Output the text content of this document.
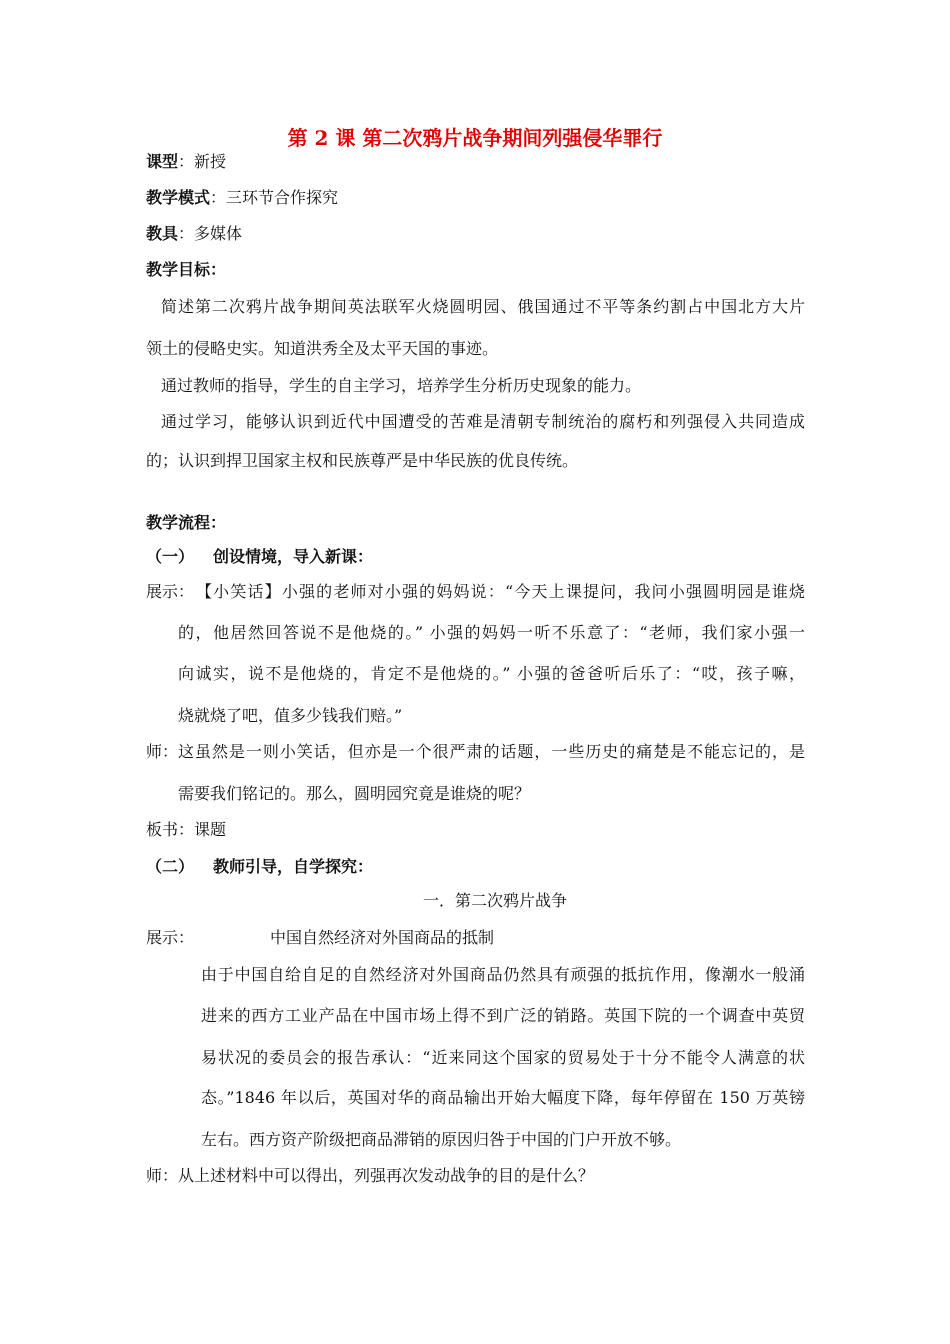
第 2 课 第二次鸦片战争期间列强侵华罪行
课型：新授
教学模式：三环节合作探究
教具：多媒体
教学目标：
简述第二次鸦片战争期间英法联军火烧圆明园、俄国通过不平等条约割占中国北方大片
领土的侵略史实。知道洪秀全及太平天国的事迹。
通过教师的指导，学生的自主学习，培养学生分析历史现象的能力。
通过学习，能够认识到近代中国遭受的苦难是清朝专制统治的腐朽和列强侵入共同造成
的；认识到捍卫国家主权和民族尊严是中华民族的优良传统。
教学流程：
（一） 创设情境，导入新课：
展示： 【小笑话】小强的老师对小强的妈妈说：“今天上课提问，我问小强圆明园是谁烧
的，他居然回答说不是他烧的。” 小强的妈妈一听不乐意了：“老师，我们家小强一
向诚实，说不是他烧的，肯定不是他烧的。” 小强的爸爸听后乐了：“哎，孩子嘛，
烧就烧了吧，值多少钱我们赔。”
师： 这虽然是一则小笑话，但亦是一个很严肃的话题，一些历史的痛楚是不能忘记的，是
需要我们铭记的。那么，圆明园究竟是谁烧的呢？
板书：课题
（二） 教师引导，自学探究：
一．第二次鸦片战争
展示：	中国自然经济对外国商品的抵制
由于中国自给自足的自然经济对外国商品仍然具有顽强的抵抗作用，像潮水一般涌
进来的西方工业产品在中国市场上得不到广泛的销路。英国下院的一个调查中英贸
易状况的委员会的报告承认：“近来同这个国家的贸易处于十分不能令人满意的状
态。”1846 年以后，英国对华的商品输出开始大幅度下降，每年停留在 150 万英镑
左右。西方资产阶级把商品滞销的原因归咎于中国的门户开放不够。
师： 从上述材料中可以得出，列强再次发动战争的目的是什么？
